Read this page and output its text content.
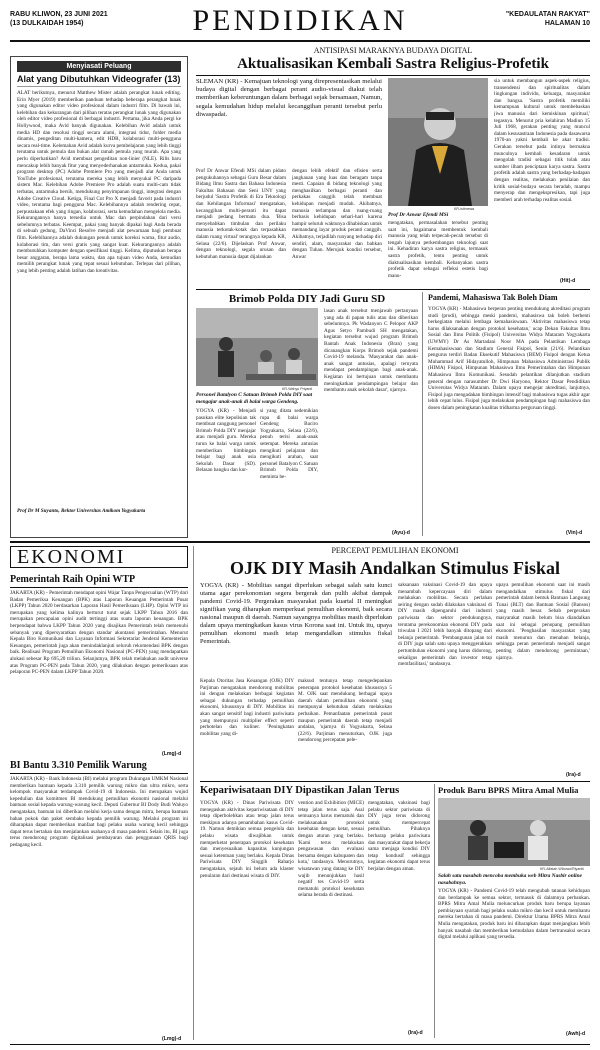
RABU KLIWON, 23 JUNI 2021
(13 DULKAIDAH 1954)	PENDIDIKAN	"KEDAULATAN RAKYAT"
HALAMAN 10
Menyiasati Peluang
Alat yang Dibutuhkan Videografer (13)
ALAT berikutnya, menurut Matthew Mister adalah perangkat lunak editing. Erin Myer (2019) memberikan panduan terhadap beberapa perangkat lunak yang digunakan editor video profesional dalam industri film. Di bawah ini, kelebihan dan kekurangan dari pilihan teratas perangkat lunak yang digunakan oleh editor video profesional di berbagai industri. Pertama, jika Anda pergi ke Hollywood, maka Avid banyak digunakan. Kelebihan Avid adalah untuk media HD dan resolusi tinggi secara alami, integrasi tidur, folder media dinamis, pengeditan multi-kamera, edit HDR, kolaborasi multi-pengguna secara real-time. Kelemahan Avid adalah kurva pembelajaran yang lebih tinggi terutama untuk pemula dan bukan alat ramah pemula yang murah. Apa yang perlu diperhatikan? Avid membuat pengeditan non-linier (NLE). Rilis baru mencakup lebih banyak fitur yang menyederhanakan antarmuka. Kedua, pakai program desktop (PC) Adobe Premiere Pro yang menjadi alat Anda untuk YouTube profesional, terutama mereka yang lebih menyukai PC daripada sistem Mac. Kelebihan Adobe Premiere Pro adalah suatu multi-cam tidak terbatas, antarmuka bersih, mendukung penyimpanan tinggi, integrasi dengan Adobe Creative Cloud. Ketiga, Final Cut Pro X menjadi favorit pada industri video, terutama bagi pengguna Mac. Kelebihannya adalah rendering cepat, perpustakaan efek yang ringan, kolaborasi, serta kemudahan mengelola media. Kekurangannya hanya tersedia untuk Mac dan perpindahan dari versi sebelumnya terbatas. Keempat, pakai yang banyak dipakai bagi Anda berada di sebuah gedung, DaVinci Resolve menjadi alat pewarnaan bagi pembuat film. Kelebihannya adalah dukungan penuh untuk koreksi warna, fitur audio, kolaborasi tim, dan versi gratis yang sangat kuat. Kekurangannya adalah membutuhkan komputer dengan spesifikasi tinggi. Kelima, diputuskan berapa besar anggaran, berapa lama waktu, dan apa tujuan video Anda, kemudian memilih perangkat lunak yang tepat sesuai kebutuhan. Terlepas dari pilihan, yang lebih penting adalah latihan dan kreativitas.
Prof Dr M Suyanto, Rektor Universitas Amikom Yogyakarta
ANTISIPASI MARAKNYA BUDAYA DIGITAL
Aktualisasikan Kembali Sastra Religius-Profetik
SLEMAN (KR) - Kemajuan teknologi yang direpresentasikan melalui budaya digital dengan berbagai perant audio-visual diakui telah memberikan keberuntungan dalam berbagai sejak bersamaan, Namun, segala kemudahan hidup melalui kecanggihan peranti tersebut perlu diwaspadai.
Prof Dr Anwar Efendi MSi dalam pidato pengukuhannya sebagai Guru Besar dalam Bidang Ilmu Sastra dan Bahasa Indonesia Fakultas Bahasan dan Seni UNY yang berjudul 'Sastra Profetik di Era Teknologi dan Kehilangan Informasi' mengatakan, kecanggihan multi-peranti itu dapat menjadi pedang bermata dua. 'Bisa menyebabkan timbulan dan perilaku manusia terkotak-kotak dan terpasahkan dalam ruang virtual' terangnya kepada KR, Selasa (22/6). Dijelaskan Prof Anwar, dengan teknologi, segala urusan dan kebutuhan manusia dapat dijalankan
dengan lebih efektif dan efisien serta jangkauan yang luas dan beragam tanpa mesti. Capaian di bidang teknologi yang menghasilkan berbagai peranti dan perkakas canggih telah membuat kehidupan menjadi mudah. Akibatnya, manusia terlampau dan ruang-ruang berbasis kehidupan sehari-hari karena hampir seluruh waktunya dihabiskan untuk memandang layar produk peranti canggih. Akibatnya, terjadilah runyang terhadap diri sendiri, alam, masyarakat dan bahkan dengan Tuhan. Merujuk kondisi tersebut, Anwar
KR-istimewa
Prof Dr Anwar Efendi MSi
mengatakan, permasalahan tersebut penting saat ini, bagaimana membentuk kembali manusia yang telah terpecah-pecah tersebut di tengah lajunya perkembangan teknologi saat ini. Kehadiran karya sastra religius, termasuk sastra profetik, tentu penting untuk diaktualisasikan kembali. Kebanyakan sastra profetik dapat sebagai refleksi estetis bagi manu-
sia untuk membangun aspek-aspek religius, transendensi dan spiritualitas dalam lingkungan individu, keluarga, masyarakat dan bangsa. 'Sastra profetik memiliki kemampuan kultural untuk membebaskan jiwa manusia dari kemiskinan spiritual,' tegasnya. Menurut pria kelahiran Madiun 15 Juli 1968, gerakan penting yang muncul dalam kesusastraan Indonesia pada dasawarsa 1970-an yakni kembali ke akar tradisi. Gerakan tersebut pada intinya bermakna munculnya kembali kesadaran untuk mengolah tradisi sebagai titik tolak atau sumber ilham penciptaan karya sastra. Sastra profetik adalah sastra yang berhadap-hadapan dengan realitas, melakukan penilaian dan kritik sosial-budaya secara beradab, mampu menyerap dan mengekspresikan, tapi juga memberi arah terhadap realitas sosial.
(Hit)-d
Brimob Polda DIY Jadi Guru SD
KR-Wahyu Priyanti
Personel Batalyon C Satuan Brimob Polda DIY saat mengajar anak-anak di balai warga Gendeng.
YOGYA (KR) - Menjadi pasukan elite kepolisian tak membuat canggung personel Brimob Polda DIY menjajar atau menjadi guru. Mereka turun ke balai warga untuk memberikan bimbingan belajar bagi anak usia Sekolah Dasar (SD). Belasan bangku dan kur-
si yang ditata sedemikian rupa di balai warga Gendeng Baciro Yogyakarta, Selasa (22/6), penuh terisi anak-anak setempat. Mereka antusias mengikuti pelajaran dan mengikuti arahan, saat personel Batalyon C Satuan Brimob Polda DIY, meminta be-
lasan anak tersebut menjawab pertanyaan yang ada di papan tulis atau dan diberikan sebelumnya. Pk Wadanyon C Pelopor AKP Agus Setyo Pambudi SH mengatakan, kegiatan tersebut wujud program Brimob Bantah Anak Indonesia (Bran) yang dicanangkan Korps Brimob sejak pandemi Covid-19 melanda. 'Masyarakat dan anak-anak sangat antusias, apalagi ternyata mendapat pendampingan bagi anak-anak. Kegiatan ini bertujuan untuk membantu meningkatkan pendampingan belajar dan membantu anak sekolah dasar', ujarnya.
(Ayu)-d
Pandemi, Mahasiswa Tak Boleh Diam
YOGYA (KR) - Mahasiswa berperan penting mendukung akreditasi program studi (prodi), sehingga meski pandemi, mahasiswa tak boleh berhenti berkegiatan melalui lembaga kemahasiswaan. 'Aktivitas mahasiswa tetap harus dilaksanakan dengan protokol kesehatan,' ucap Dekan Fakultas Ilmu Sosial dan Ilmu Politik (Fisipol) Universitas Widya Mataram Yogyakarta (UWMY) Dr As Martadani Noor MA pada Pelantikan Lembaga Kemahasiswaan dan Stadium General Fisipol, Senin (21/6). Pelantikan pengurus terdiri Badan Eksekutif Mahasiswa (BEM) Fisipol dengan Ketua Muhammad Arif Hidayatulloh, Himpunan Mahasiswa Administrasi Publik (HIMA) Fisipol, Himpunan Mahasiswa Ilmu Pemerintahan dan Himpunan Mahasiswa Ilmu Komunikasi. Sesudah pelantikan dilanjutkan stadium general dengan narasumber Dr Dwi Haryono, Rektor Dasar Pendidikan Universitas Widya Mataram. Dalam upaya mengejar akreditasi, lanjutnya, Fisipol juga mengadakan bimbingan intensif bagi mahasiswa tugas akhir agar lebih cepat lulus. Fisipol juga melakukan pendampingan bagi mahasiswa dan dosen dalam peningkatan kualitas tridharma perguruan tinggi.
(Vin)-d
EKONOMI	PERCEPAT PEMULIHAN EKONOMI
OJK DIY Masih Andalkan Stimulus Fiskal
Pemerintah Raih Opini WTP
JAKARTA (KR) - Pemerintah mendapat opini Wajar Tanpa Pengecualian (WTP) dari Badan Pemeriksa Keuangan (BPK) atas Laporan Keuangan Pemerintah Pusat (LKPP) Tahun 2020 berdasarkan Laporan Hasil Pemeriksaan (LHP). Opini WTP ini merupakan yang kelima kalinya berturut turut sejak LKPP Tahun 2016 dan merupakan pencapaian opini audit tertinggi atas suatu laporan keuangan. BPK berpendapat bahwa LKPP Tahun 2020 yang disajikan Pemerintah telah memenuhi sebanyak yang dipersyaratkan dengan standar akuntansi pemerintahan. Menurut Kepala Biro Komunikasi dan Layanan Informasi Sekretariat Jenderal Kementerian Keuangan, pemerintah juga akan menindaklanjuti seluruh rekomendasi BPK dengan baik. Realisasi Program Pemulihan Ekonomi Nasional (PC-PEN) yang mendapatkan alokasi sebesar Rp 695,20 triliun. Selanjutnya, BPK telah melakukan audit universe atas Program PC-PEN pada Tahun 2020, yang dilakukan dengan pemeriksaan atas pelaporan PC-PEN dalam LKPP Tahun 2020.
(Lmg)-d
BI Bantu 3.310 Pemilik Warung
JAKARTA (KR) - Bank Indonesia (BI) melalui program Dukungan UMKM Nasional memberikan bantuan kepada 3.310 pemilik warung mikro dan ultra mikro, serta kelompok masyarakat terdampak Covid-19 di Indonesia. Ini merupakan wujud kepedulian dan komitmen BI mendukung pemulihan ekonomi nasional melalui bantuan sosial kepada warung-warung kecil. Deputi Gubernur BI Dody Budi Waluyo mengatakan, bantuan ini diberikan melalui kerja sama dengan mitra, berupa bantuan bahan pokok dan paket sembako kepada pemilik warung. Melalui program ini diharapkan dapat memberikan manfaat bagi pelaku usaha warung kecil sehingga dapat terus bertahan dan menjalankan usahanya di masa pandemi. Selain itu, BI juga terus mendorong program digitalisasi pembayaran dan penggunaan QRIS bagi pedagang kecil.
(Lmg)-d
YOGYA (KR) - Mobilitas sangat diperlukan sebagai salah satu kunci utama agar perekonomian segera bergerak dan pulih akibat dampak pandemi Covid-19. Pergerakan masyarakat pada kuartal II meningkat signifikan yang diharapkan memperkuat pemulihan ekonomi, baik secara nasional maupun di daerah. Namun sayangnya mobilitas masih diperlukan dalam upaya meningkatkan kasus virus Korona saat ini. Untuk itu, upaya pemulihan ekonomi masih tetap mengandalkan stimulus fiskal Pemerintah.
Kepala Otoritas Jasa Keuangan (OJK) DIY Parjiman mengatakan mendorong mobilitas ini dengan melakukan berbagai kegiatan sebagai dukungan terhadap pemulihan ekonomi, khususnya di DIY. Mobilitas ini akan sangat sensitif bagi industri pariwisata yang mempunyai multiplier effect seperti perhotelan dan kuliner. 'Peningkatan mobilitas yang di-
maksud tentunya tetap mengedepankan penerapan protokol kesehatan khususnya 5 M. OJK saat mendukung berbagai upaya daerah dalam pemulihan ekonomi yang mempunyai kebutuhan dalam melakukan perbaikan. Pemanfaatan pemerintah pusat maupun pemerintah daerah tetap menjadi andalan, 'ujarnya di Yogyakarta, Selasa (22/6). Parjiman menuturkan, OJK juga mendorong percepatan pele-
saksanaan vaksinasi Covid-19 dan upaya menambah kepercayaan diri dalam melakukan mobilitas. Secara perlahan seiring dengan sudah dilakukan vaksinasi di DIY masih dipengaruhi dari industri pariwisata dan sektor pendukungnya, terutama perekonomian ekonomi DIY pada triwulan I 2021 lebih banyak ditopang dari belanja pemerintah. 'Pembangunan jalan tol di DIY juga salah satu upaya menggerakkan pertumbuhan ekonomi yang harus didorong, sekaligus pemerintah dan investor tetap memfasilitasi,' tandasnya.
upaya pemulihan ekonomi saat ini masih mengandalkan stimulus fiskal dari pemerintah dalam bentuk Bantuan Langsung Tunai (BLT) dan Bantuan Sosial (Bansos) yang masih besar. Sebab pergerakan masyarakat masih belum bisa diandalkan saat ini sebagai penopang pemulihan ekonomi. 'Penghasilan masyarakat yang masih menurun dan menahan belanja, sehingga peran pemerintah menjadi sangat penting dalam mendorong permintaan,' ujarnya.
(Ira)-d
Kepariwisataan DIY Dipastikan Jalan Terus
YOGYA (KR) - Dinas Pariwisata DIY menegaskan aktivitas kepariwisataan di DIY tetap diperbolehkan atau tetap jalan terus meskipun adanya penambahan kasus Covid-19. Namun demikian semua pengelola dan pelaku wisata diwajibkan untuk memperketat penerapan protokol kesehatan dan menyesuaikan kapasitas kunjungan sesuai ketentuan yang berlaku. Kepala Dinas Pariwisata DIY Singgih Raharjo mengatakan, sejauh ini belum ada klaster penularan dari destinasi wisata di DIY.
vention and Exhibition (MICE) tetap jalan terus saja. Asal semuanya harus mematuhi dan melaksanakan protokol kesehatan dengan ketat, sesuai dengan aturan yang berlaku. 'Kami terus melakukan pengawasan dan evaluasi bersama dengan kabupaten dan kota,' tandasnya. Menurutnya, wisatawan yang datang ke DIY wajib menunjukkan hasil negatif tes Covid-19 serta mematuhi protokol kesehatan selama berada di destinasi.
mengatakan, vaksinasi bagi pelaku sektor pariwisata di DIY juga terus didorong untuk mempercepat pemulihan. Pihaknya berharap pelaku pariwisata dan masyarakat dapat bekerja sama menjaga kondisi DIY tetap kondusif sehingga kegiatan ekonomi dapat terus berjalan dengan aman.
(Ira)-d
Produk Baru BPRS Mitra Amal Mulia
KR-Alfatah Wibowo/Riyantii
Salah satu nasabah mencoba membuka web Mitra Nasbir online nasabahnya.
YOGYA (KR) - Pandemi Covid-19 telah mengubah tatanan kehidupan dan berdampak ke semua sektor, termasuk di dalamnya perbankan. BPRS Mitra Amal Mulia meluncurkan produk baru berupa layanan pembiayaan syariah bagi pelaku usaha mikro dan kecil untuk membantu mereka bertahan di masa pandemi. Direktur Utama BPRS Mitra Amal Mulia mengatakan, produk baru ini diharapkan dapat menjangkau lebih banyak nasabah dan memberikan kemudahan dalam bertransaksi secara digital melalui aplikasi yang tersedia.
(Awh)-d
